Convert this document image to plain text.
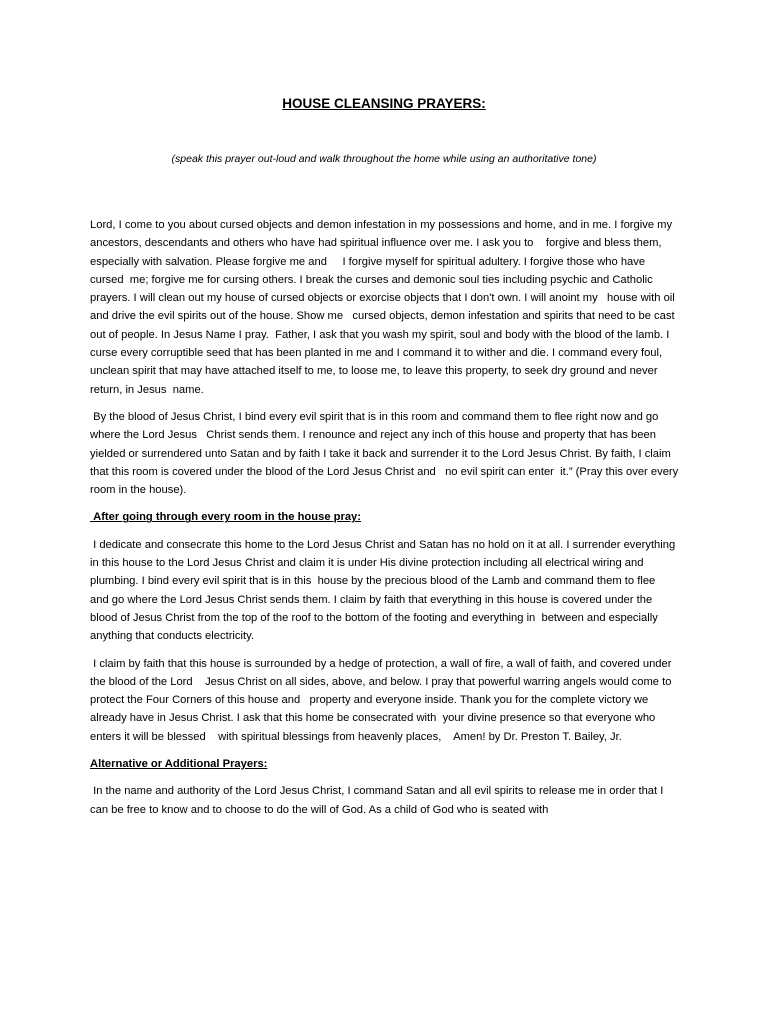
HOUSE CLEANSING PRAYERS:
(speak this prayer out-loud and walk throughout the home while using an authoritative tone)

Lord, I come to you about cursed objects and demon infestation in my possessions and home, and in me. I forgive my ancestors, descendants and others who have had spiritual influence over me. I ask you to    forgive and bless them, especially with salvation. Please forgive me and     I forgive myself for spiritual adultery. I forgive those who have cursed  me; forgive me for cursing others. I break the curses and demonic soul ties including psychic and Catholic prayers. I will clean out my house of cursed objects or exorcise objects that I don't own. I will anoint my   house with oil and drive the evil spirits out of the house. Show me   cursed objects, demon infestation and spirits that need to be cast out of people. In Jesus Name I pray.  Father, I ask that you wash my spirit, soul and body with the blood of the lamb. I curse every corruptible seed that has been planted in me and I command it to wither and die. I command every foul, unclean spirit that may have attached itself to me, to loose me, to leave this property, to seek dry ground and never return, in Jesus  name.

By the blood of Jesus Christ, I bind every evil spirit that is in this room and command them to flee right now and go where the Lord Jesus   Christ sends them. I renounce and reject any inch of this house and property that has been yielded or surrendered unto Satan and by faith I take it back and surrender it to the Lord Jesus Christ. By faith, I claim  that this room is covered under the blood of the Lord Jesus Christ and   no evil spirit can enter  it.” (Pray this over every room in the house).

After going through every room in the house pray:

I dedicate and consecrate this home to the Lord Jesus Christ and Satan has no hold on it at all. I surrender everything in this house to the Lord Jesus Christ and claim it is under His divine protection including all electrical wiring and plumbing. I bind every evil spirit that is in this  house by the precious blood of the Lamb and command them to flee   and go where the Lord Jesus Christ sends them. I claim by faith that everything in this house is covered under the blood of Jesus Christ from the top of the roof to the bottom of the footing and everything in  between and especially anything that conducts electricity.

I claim by faith that this house is surrounded by a hedge of protection, a wall of fire, a wall of faith, and covered under the blood of the Lord    Jesus Christ on all sides, above, and below. I pray that powerful warring angels would come to protect the Four Corners of this house and   property and everyone inside. Thank you for the complete victory we already have in Jesus Christ. I ask that this home be consecrated with  your divine presence so that everyone who enters it will be blessed    with spiritual blessings from heavenly places,    Amen! by Dr. Preston T. Bailey, Jr.

Alternative or Additional Prayers:

In the name and authority of the Lord Jesus Christ, I command Satan and all evil spirits to release me in order that I can be free to know and to choose to do the will of God. As a child of God who is seated with
